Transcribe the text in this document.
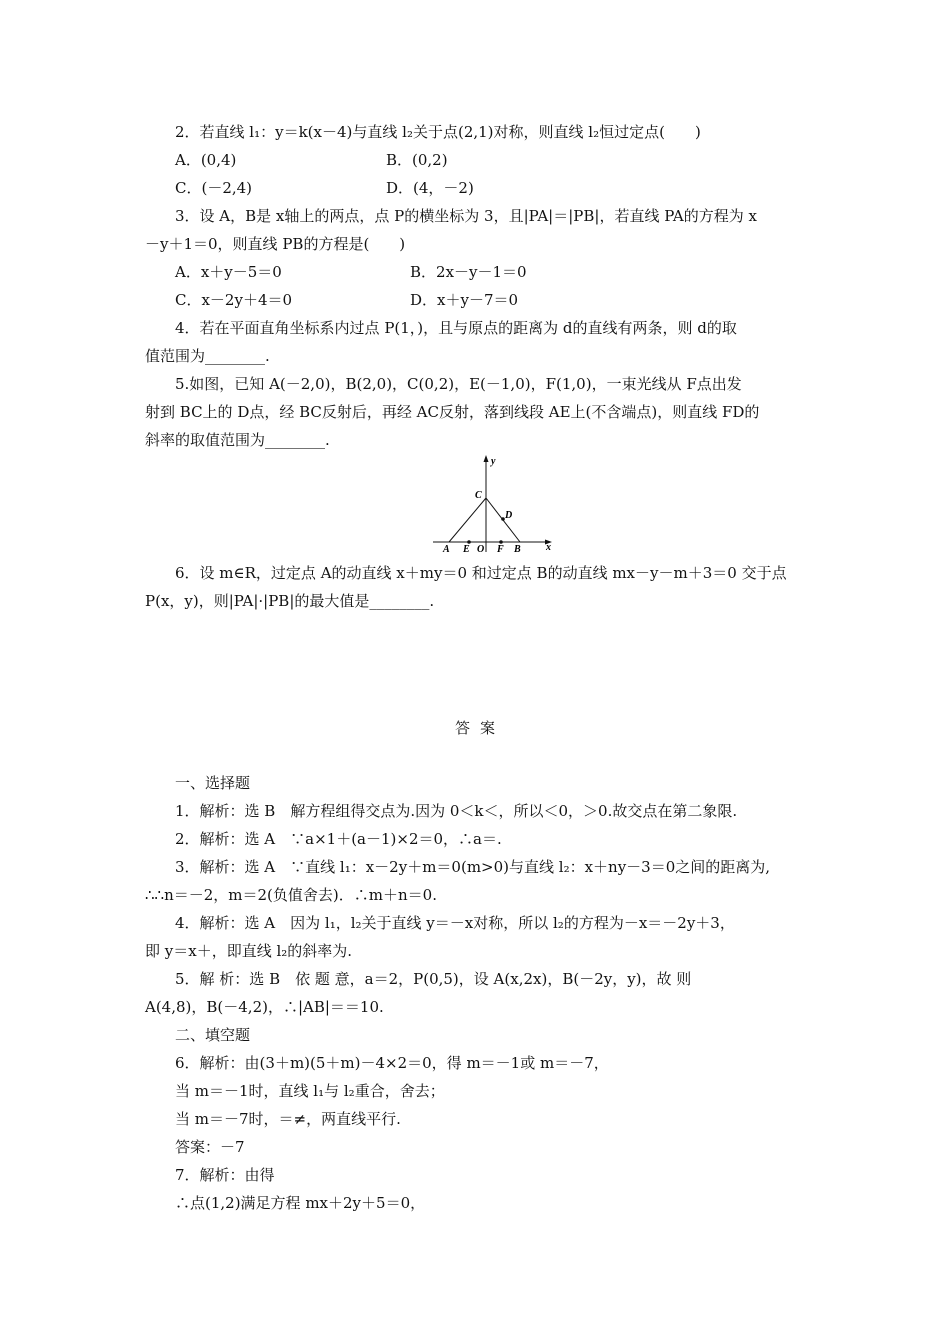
2．若直线 l₁：y＝k(x－4)与直线 l₂关于点(2,1)对称，则直线 l₂恒过定点(　　)
A．(0,4)	B．(0,2)
C．(－2,4)	D．(4，－2)
3．设 A，B是 x轴上的两点，点 P的横坐标为 3，且|PA|＝|PB|，若直线 PA的方程为 x
－y＋1＝0，则直线 PB的方程是(　　)
A．x＋y－5＝0	B．2x－y－1＝0
C．x－2y＋4＝0	D．x＋y－7＝0
4．若在平面直角坐标系内过点 P(1，)，且与原点的距离为 d的直线有两条，则 d的取
值范围为________.
5.如图，已知 A(－2,0)，B(2,0)，C(0,2)，E(－1,0)，F(1,0)，一束光线从 F点出发
射到 BC上的 D点，经 BC反射后，再经 AC反射，落到线段 AE上(不含端点)，则直线 FD的
斜率的取值范围为________.
y
x
C
D
A E O F B
6．设 m∈R，过定点 A的动直线 x＋my＝0 和过定点 B的动直线 mx－y－m＋3＝0 交于点
P(x，y)，则|PA|·|PB|的最大值是________.
答案
一、选择题
1．解析：选 B　解方程组得交点为.因为 0＜k＜，所以＜0，＞0.故交点在第二象限.
2．解析：选 A　∵a×1＋(a－1)×2＝0，∴a＝.
3．解析：选 A　∵直线 l₁：x－2y＋m＝0(m>0)与直线 l₂：x＋ny－3＝0之间的距离为,
∴∴n＝－2，m＝2(负值舍去)．∴m＋n＝0.
4．解析：选 A　因为 l₁，l₂关于直线 y＝－x对称，所以 l₂的方程为－x＝－2y＋3，
即 y＝x＋，即直线 l₂的斜率为.
5．解 析：选 B　依 题 意，a＝2，P(0,5)，设 A(x,2x)，B(－2y，y)，故 则
A(4,8)，B(－4,2)，∴|AB|＝＝10.
二、填空题
6．解析：由(3＋m)(5＋m)－4×2＝0，得 m＝－1或 m＝－7，
当 m＝－1时，直线 l₁与 l₂重合，舍去；
当 m＝－7时，＝≠，两直线平行.
答案：－7
7．解析：由得
∴点(1,2)满足方程 mx＋2y＋5＝0，
